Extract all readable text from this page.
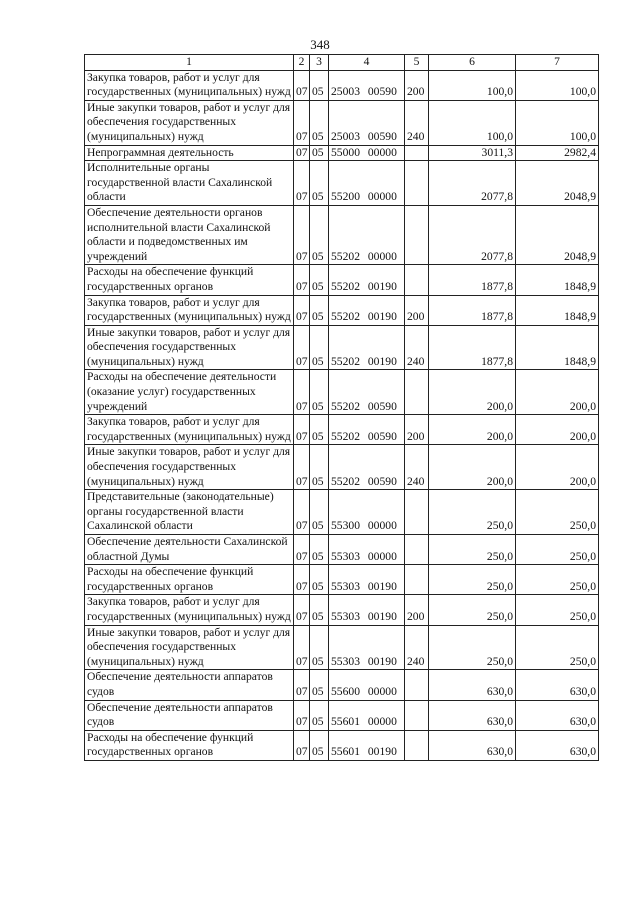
348
1	2	3	4	5	6	7
Закупка товаров, работ и услуг для государственных (муниципальных) нужд	07	05	25003 00590	200	100,0	100,0
Иные закупки товаров, работ и услуг для обеспечения государственных (муниципальных) нужд	07	05	25003 00590	240	100,0	100,0
Непрограммная деятельность	07	05	55000 00000		3011,3	2982,4
Исполнительные органы государственной власти Сахалинской области	07	05	55200 00000		2077,8	2048,9
Обеспечение деятельности органов исполнительной власти Сахалинской области и подведомственных им учреждений	07	05	55202 00000		2077,8	2048,9
Расходы на обеспечение функций государственных органов	07	05	55202 00190		1877,8	1848,9
Закупка товаров, работ и услуг для государственных (муниципальных) нужд	07	05	55202 00190	200	1877,8	1848,9
Иные закупки товаров, работ и услуг для обеспечения государственных (муниципальных) нужд	07	05	55202 00190	240	1877,8	1848,9
Расходы на обеспечение деятельности (оказание услуг) государственных учреждений	07	05	55202 00590		200,0	200,0
Закупка товаров, работ и услуг для государственных (муниципальных) нужд	07	05	55202 00590	200	200,0	200,0
Иные закупки товаров, работ и услуг для обеспечения государственных (муниципальных) нужд	07	05	55202 00590	240	200,0	200,0
Представительные (законодательные) органы государственной власти Сахалинской области	07	05	55300 00000		250,0	250,0
Обеспечение деятельности Сахалинской областной Думы	07	05	55303 00000		250,0	250,0
Расходы на обеспечение функций государственных органов	07	05	55303 00190		250,0	250,0
Закупка товаров, работ и услуг для государственных (муниципальных) нужд	07	05	55303 00190	200	250,0	250,0
Иные закупки товаров, работ и услуг для обеспечения государственных (муниципальных) нужд	07	05	55303 00190	240	250,0	250,0
Обеспечение деятельности аппаратов судов	07	05	55600 00000		630,0	630,0
Обеспечение деятельности аппаратов судов	07	05	55601 00000		630,0	630,0
Расходы на обеспечение функций государственных органов	07	05	55601 00190		630,0	630,0
